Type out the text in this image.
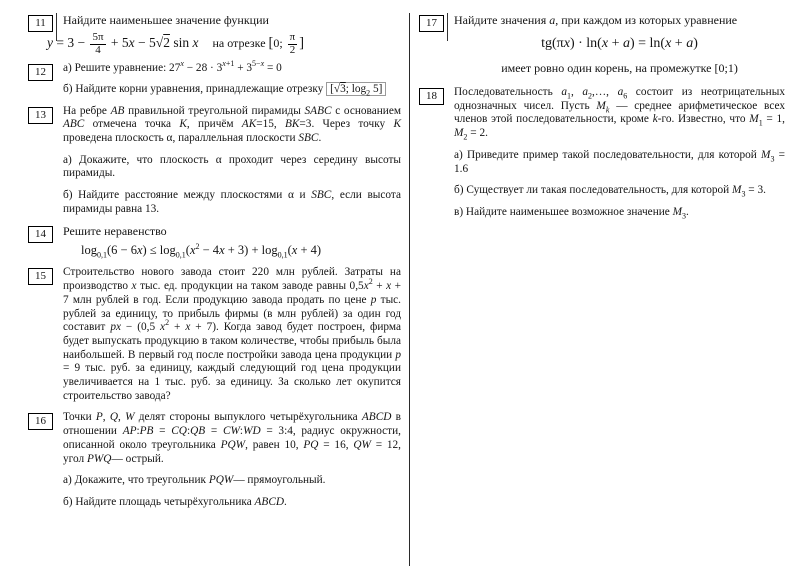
11	Найдите наименьшее значение функции

$y = 3 - \frac{5\pi}{4} + 5x - 5√2$ sin x на отрезке [0; $\frac{\pi}{2}$ ]
12	а) Решите уравнение: $27^x - 28 \cdot 3^{x+1} + 3^{5-x} = 0$

б) Найдите корни уравнения, принадлежащие отрезку [√3; $\log_2 5$]

13	На ребре AB правильной треугольной пирамиды SABC с основанием ABC отмечена точка K, причём AK=15, BK=3. Через точку K проведена плоскость α, параллельная плоскости SBC.

а) Докажите, что плоскость α проходит через середину высоты пирамиды.

б) Найдите расстояние между плоскостями α и SBC, если высота пирамиды равна 13.

14	Решите неравенство

$\log_{0,1}(6 - 6x) \le \log_{0,1}(x^2 - 4x + 3) + \log_{0,1}(x + 4)$
15	Строительство нового завода стоит 220 млн рублей. Затраты на производство x тыс. ед. продукции на таком заводе равны $0,5x^2 + x + 7$ млн рублей в год. Если продукцию завода продать по цене p тыс. рублей за единицу, то прибыль фирмы (в млн рублей) за один год составит px − (0,5 $x^2 + x + 7$). Когда завод будет построен, фирма будет выпускать продукцию в таком количестве, чтобы прибыль была наибольшей. В первый год после постройки завода цена продукции p = 9 тыс. руб. за единицу, каждый следующий год цена продукции увеличивается на 1 тыс. руб. за единицу. За сколько лет окупится строительство завода?

16	Точки P, Q, W делят стороны выпуклого четырёхугольника ABCD в отношении AP:PB = CQ:QB = CW:WD = 3:4, радиус окружности, описанной около треугольника PQW, равен 10, PQ = 16, QW = 12, угол PWQ— острый.

а) Докажите, что треугольник PQW— прямоугольный.

б) Найдите площадь четырёхугольника ABCD.

17	Найдите значения a, при каждом из которых уравнение

tg(πx) · ln(x + a) = ln(x + a)

имеет ровно один корень, на промежутке [0;1)

18	Последовательность $a_1$, $a_2,\dots$, $a_6$ состоит из неотрицательных однозначных чисел. Пусть $M_k$ — среднее арифметическое всех членов этой последовательности, кроме k-го. Известно, что $M_1 = 1$, $M_2 = 2$.

а) Приведите пример такой последовательности, для которой $M_3 = 1.6$

б) Существует ли такая последовательность, для которой $M_3 = 3$.

в) Найдите наименьшее возможное значение $M_3$.
